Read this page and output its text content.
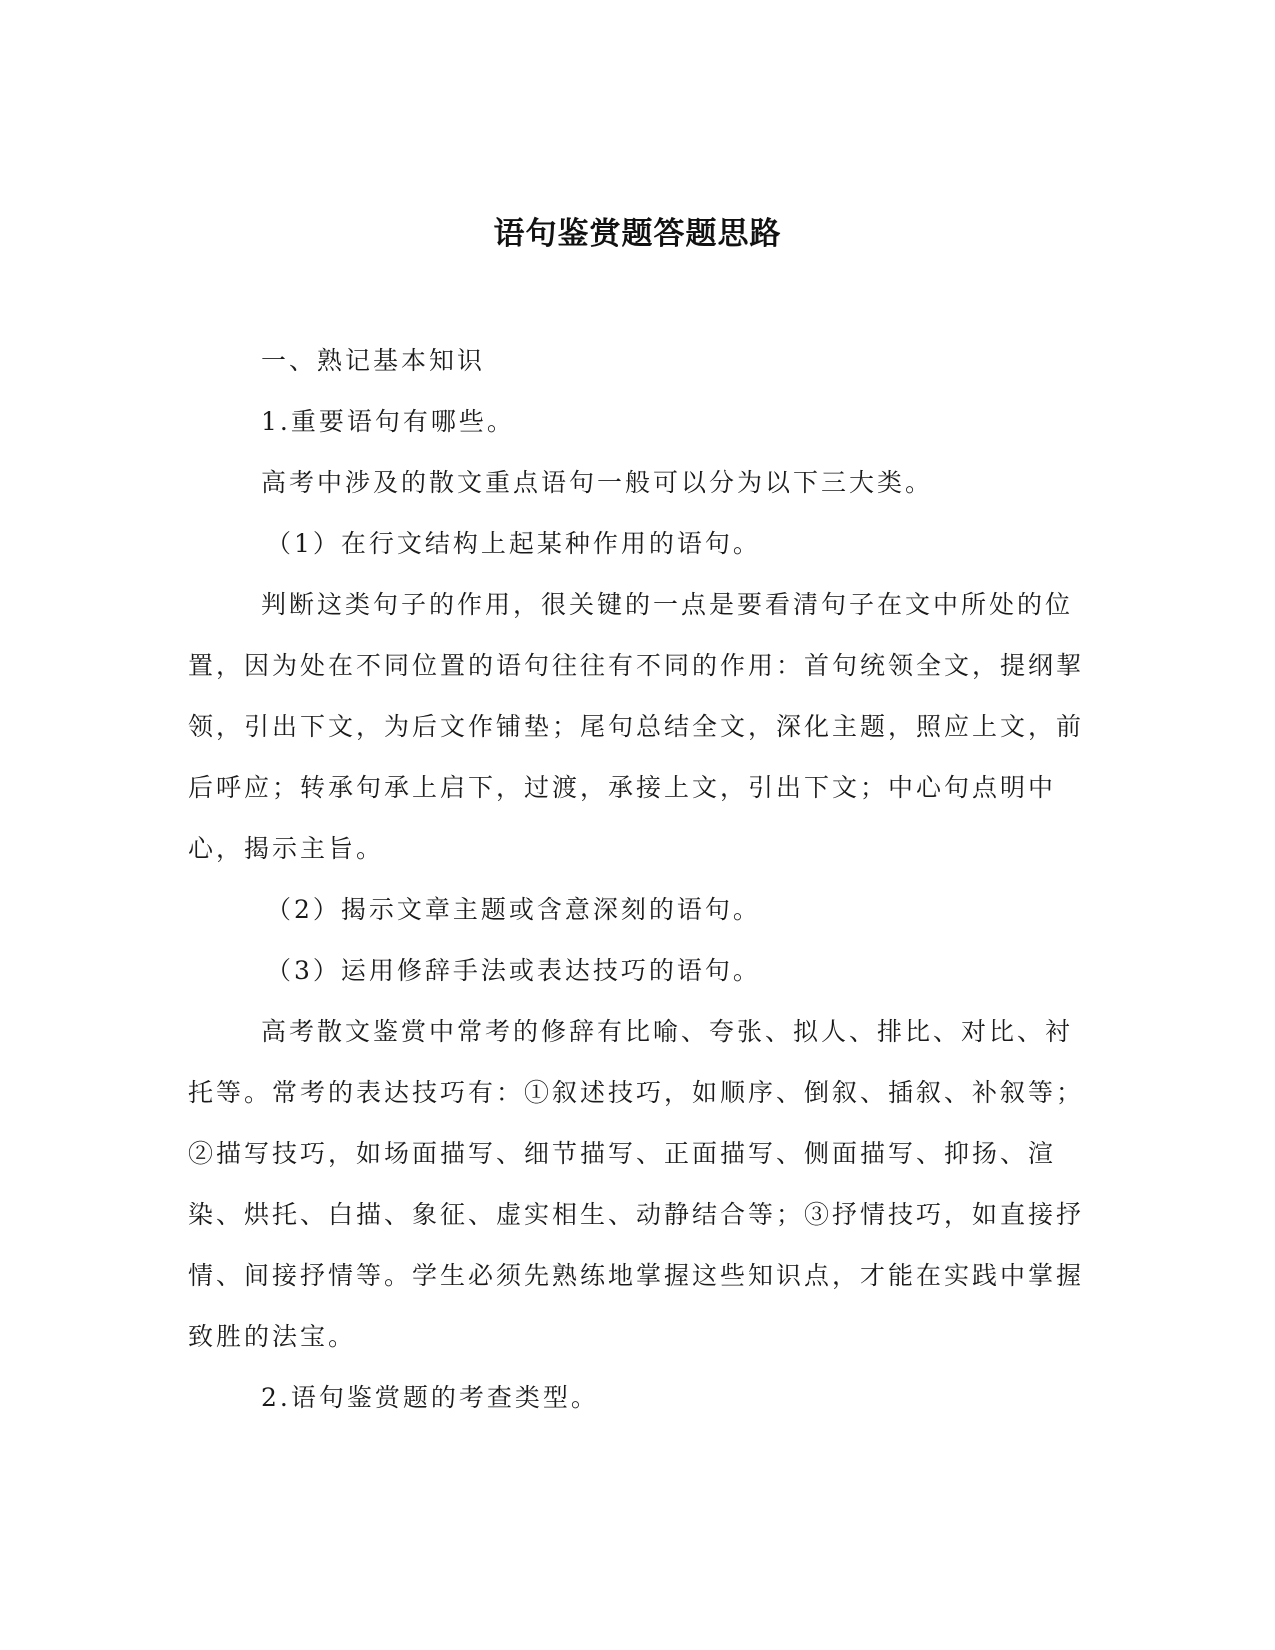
语句鉴赏题答题思路

一、熟记基本知识

1.重要语句有哪些。

高考中涉及的散文重点语句一般可以分为以下三大类。

（1）在行文结构上起某种作用的语句。

判断这类句子的作用，很关键的一点是要看清句子在文中所处的位置，因为处在不同位置的语句往往有不同的作用：首句统领全文，提纲挈领，引出下文，为后文作铺垫；尾句总结全文，深化主题，照应上文，前后呼应；转承句承上启下，过渡，承接上文，引出下文；中心句点明中心，揭示主旨。

（2）揭示文章主题或含意深刻的语句。

（3）运用修辞手法或表达技巧的语句。

高考散文鉴赏中常考的修辞有比喻、夸张、拟人、排比、对比、衬托等。常考的表达技巧有：①叙述技巧，如顺序、倒叙、插叙、补叙等；②描写技巧，如场面描写、细节描写、正面描写、侧面描写、抑扬、渲染、烘托、白描、象征、虚实相生、动静结合等；③抒情技巧，如直接抒情、间接抒情等。学生必须先熟练地掌握这些知识点，才能在实践中掌握致胜的法宝。

2.语句鉴赏题的考查类型。
